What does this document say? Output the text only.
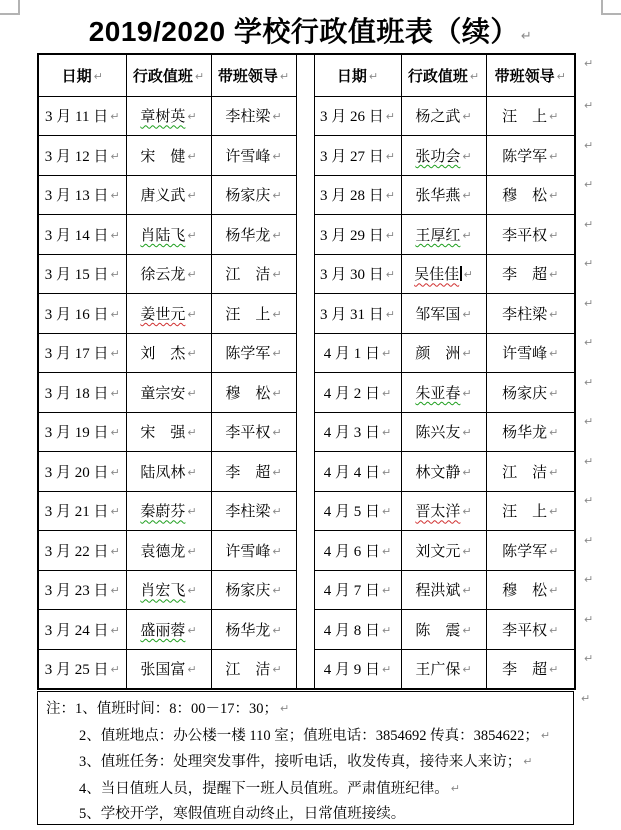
2019/2020 学校行政值班表（续） ↵
日期 ↵	行政值班 ↵	带班领导 ↵		日期 ↵	行政值班 ↵	带班领导 ↵	↵
3 月 11 日 ↵	章树英 ↵	李柱梁 ↵		3 月 26 日 ↵	杨之武 ↵	汪　上 ↵	↵
3 月 12 日 ↵	宋　健 ↵	许雪峰 ↵		3 月 27 日 ↵	张功会 ↵	陈学军 ↵	↵
3 月 13 日 ↵	唐义武 ↵	杨家庆 ↵		3 月 28 日 ↵	张华燕 ↵	穆　松 ↵	↵
3 月 14 日 ↵	肖陆飞 ↵	杨华龙 ↵		3 月 29 日 ↵	王厚红 ↵	李平权 ↵	↵
3 月 15 日 ↵	徐云龙 ↵	江　洁 ↵		3 月 30 日 ↵	吴佳佳 ↵	李　超 ↵	↵
3 月 16 日 ↵	姜世元 ↵	汪　上 ↵		3 月 31 日 ↵	邹军国 ↵	李柱梁 ↵	↵
3 月 17 日 ↵	刘　杰 ↵	陈学军 ↵		4 月 1 日 ↵	颜　洲 ↵	许雪峰 ↵	↵
3 月 18 日 ↵	童宗安 ↵	穆　松 ↵		4 月 2 日 ↵	朱亚春 ↵	杨家庆 ↵	↵
3 月 19 日 ↵	宋　强 ↵	李平权 ↵		4 月 3 日 ↵	陈兴友 ↵	杨华龙 ↵	↵
3 月 20 日 ↵	陆凤林 ↵	李　超 ↵		4 月 4 日 ↵	林文静 ↵	江　洁 ↵	↵
3 月 21 日 ↵	秦蔚芬 ↵	李柱梁 ↵		4 月 5 日 ↵	晋太洋 ↵	汪　上 ↵	↵
3 月 22 日 ↵	袁德龙 ↵	许雪峰 ↵		4 月 6 日 ↵	刘文元 ↵	陈学军 ↵	↵
3 月 23 日 ↵	肖宏飞 ↵	杨家庆 ↵		4 月 7 日 ↵	程洪斌 ↵	穆　松 ↵	↵
3 月 24 日 ↵	盛丽蓉 ↵	杨华龙 ↵		4 月 8 日 ↵	陈　震 ↵	李平权 ↵	↵
3 月 25 日 ↵	张国富 ↵	江　洁 ↵		4 月 9 日 ↵	王广保 ↵	李　超 ↵	↵
注：1、值班时间：8：00－17：30； ↵
2、值班地点：办公楼一楼 110 室；值班电话：3854692 传真：3854622； ↵
3、值班任务：处理突发事件，接听电话，收发传真，接待来人来访； ↵
4、当日值班人员，提醒下一班人员值班。严肃值班纪律。 ↵
5、学校开学，寒假值班自动终止，日常值班接续。
↵
